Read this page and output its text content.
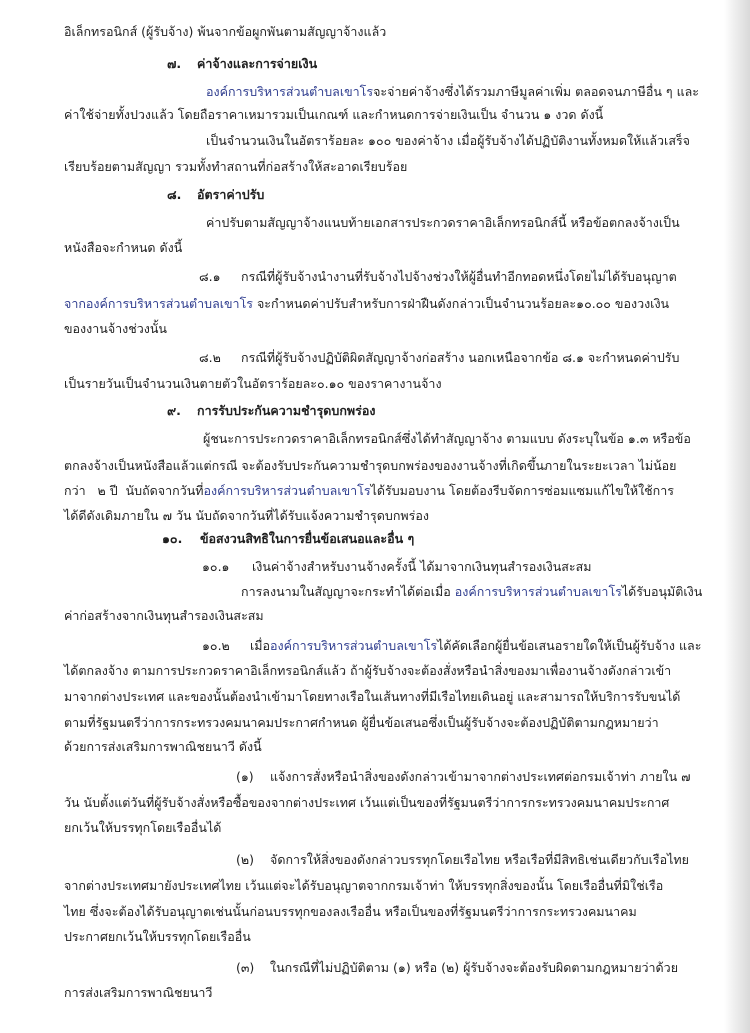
อิเล็กทรอนิกส์ (ผู้รับจ้าง) พ้นจากข้อผูกพันตามสัญญาจ้างแล้ว
๗. ค่าจ้างและการจ่ายเงิน
องค์การบริหารส่วนตำบลเขาโรจะจ่ายค่าจ้างซึ่งได้รวมภาษีมูลค่าเพิ่ม ตลอดจนภาษีอื่น ๆ และ
ค่าใช้จ่ายทั้งปวงแล้ว โดยถือราคาเหมารวมเป็นเกณฑ์ และกำหนดการจ่ายเงินเป็น จำนวน ๑ งวด ดังนี้
เป็นจำนวนเงินในอัตราร้อยละ ๑๐๐ ของค่าจ้าง เมื่อผู้รับจ้างได้ปฏิบัติงานทั้งหมดให้แล้วเสร็จ
เรียบร้อยตามสัญญา รวมทั้งทำสถานที่ก่อสร้างให้สะอาดเรียบร้อย
๘. อัตราค่าปรับ
ค่าปรับตามสัญญาจ้างแนบท้ายเอกสารประกวดราคาอิเล็กทรอนิกส์นี้ หรือข้อตกลงจ้างเป็น
หนังสือจะกำหนด ดังนี้
๘.๑ กรณีที่ผู้รับจ้างนำงานที่รับจ้างไปจ้างช่วงให้ผู้อื่นทำอีกทอดหนึ่งโดยไม่ได้รับอนุญาต
จากองค์การบริหารส่วนตำบลเขาโร จะกำหนดค่าปรับสำหรับการฝ่าฝืนดังกล่าวเป็นจำนวนร้อยละ๑๐.๐๐ ของวงเงิน
ของงานจ้างช่วงนั้น
๘.๒ กรณีที่ผู้รับจ้างปฏิบัติผิดสัญญาจ้างก่อสร้าง นอกเหนือจากข้อ ๘.๑ จะกำหนดค่าปรับ
เป็นรายวันเป็นจำนวนเงินตายตัวในอัตราร้อยละ๐.๑๐ ของราคางานจ้าง
๙. การรับประกันความชำรุดบกพร่อง
ผู้ชนะการประกวดราคาอิเล็กทรอนิกส์ซึ่งได้ทำสัญญาจ้าง ตามแบบ ดังระบุในข้อ ๑.๓ หรือข้อ
ตกลงจ้างเป็นหนังสือแล้วแต่กรณี จะต้องรับประกันความชำรุดบกพร่องของงานจ้างที่เกิดขึ้นภายในระยะเวลา ไม่น้อย
กว่า   ๒ ปี  นับถัดจากวันที่องค์การบริหารส่วนตำบลเขาโรได้รับมอบงาน โดยต้องรีบจัดการซ่อมแซมแก้ไขให้ใช้การ
ได้ดีดังเดิมภายใน ๗ วัน นับถัดจากวันที่ได้รับแจ้งความชำรุดบกพร่อง
๑๐. ข้อสงวนสิทธิในการยื่นข้อเสนอและอื่น ๆ
๑๐.๑ เงินค่าจ้างสำหรับงานจ้างครั้งนี้ ได้มาจากเงินทุนสำรองเงินสะสม
การลงนามในสัญญาจะกระทำได้ต่อเมื่อ องค์การบริหารส่วนตำบลเขาโรได้รับอนุมัติเงิน
ค่าก่อสร้างจากเงินทุนสำรองเงินสะสม
๑๐.๒ เมื่อองค์การบริหารส่วนตำบลเขาโรได้คัดเลือกผู้ยื่นข้อเสนอรายใดให้เป็นผู้รับจ้าง และ
ได้ตกลงจ้าง ตามการประกวดราคาอิเล็กทรอนิกส์แล้ว ถ้าผู้รับจ้างจะต้องสั่งหรือนำสิ่งของมาเพื่องานจ้างดังกล่าวเข้า
มาจากต่างประเทศ และของนั้นต้องนำเข้ามาโดยทางเรือในเส้นทางที่มีเรือไทยเดินอยู่ และสามารถให้บริการรับขนได้
ตามที่รัฐมนตรีว่าการกระทรวงคมนาคมประกาศกำหนด ผู้ยื่นข้อเสนอซึ่งเป็นผู้รับจ้างจะต้องปฏิบัติตามกฎหมายว่า
ด้วยการส่งเสริมการพาณิชยนาวี ดังนี้
(๑) แจ้งการสั่งหรือนำสิ่งของดังกล่าวเข้ามาจากต่างประเทศต่อกรมเจ้าท่า ภายใน ๗
วัน นับตั้งแต่วันที่ผู้รับจ้างสั่งหรือซื้อของจากต่างประเทศ เว้นแต่เป็นของที่รัฐมนตรีว่าการกระทรวงคมนาคมประกาศ
ยกเว้นให้บรรทุกโดยเรืออื่นได้
(๒) จัดการให้สิ่งของดังกล่าวบรรทุกโดยเรือไทย หรือเรือที่มีสิทธิเช่นเดียวกับเรือไทย
จากต่างประเทศมายังประเทศไทย เว้นแต่จะได้รับอนุญาตจากกรมเจ้าท่า ให้บรรทุกสิ่งของนั้น โดยเรืออื่นที่มิใช่เรือ
ไทย ซึ่งจะต้องได้รับอนุญาตเช่นนั้นก่อนบรรทุกของลงเรืออื่น หรือเป็นของที่รัฐมนตรีว่าการกระทรวงคมนาคม
ประกาศยกเว้นให้บรรทุกโดยเรืออื่น
(๓) ในกรณีที่ไม่ปฏิบัติตาม (๑) หรือ (๒) ผู้รับจ้างจะต้องรับผิดตามกฎหมายว่าด้วย
การส่งเสริมการพาณิชยนาวี
